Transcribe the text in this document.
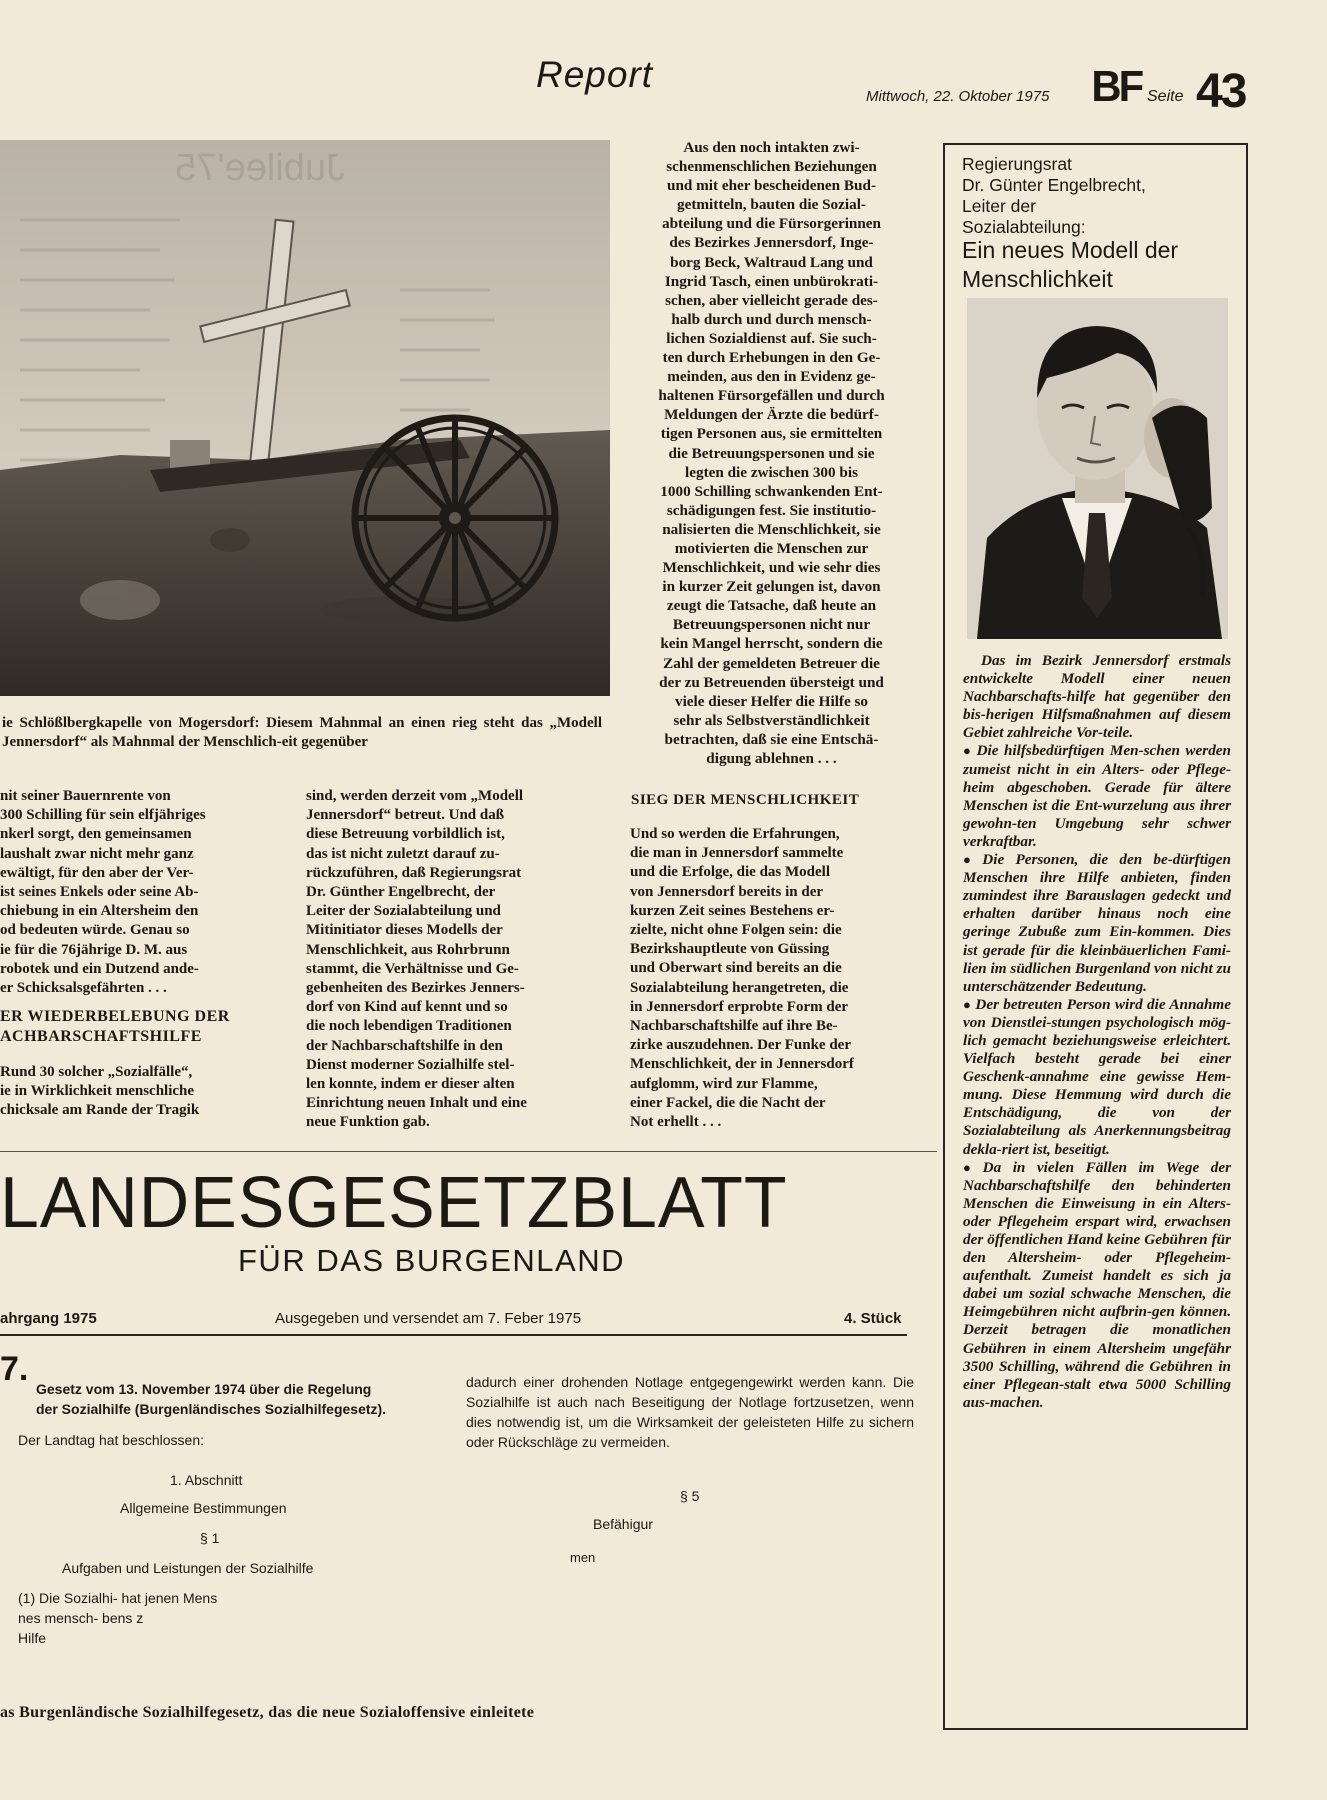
Report
Mittwoch, 22. Oktober 1975 BF Seite 43
Jubilee'75
ie Schlößlbergkapelle von Mogersdorf: Diesem Mahnmal an einen rieg steht das „Modell Jennersdorf“ als Mahnmal der Menschlich-eit gegenüber
Aus den noch intakten zwi-
schenmenschlichen Beziehungen
und mit eher bescheidenen Bud-
getmitteln, bauten die Sozial-
abteilung und die Fürsorgerinnen
des Bezirkes Jennersdorf, Inge-
borg Beck, Waltraud Lang und
Ingrid Tasch, einen unbürokrati-
schen, aber vielleicht gerade des-
halb durch und durch mensch-
lichen Sozialdienst auf. Sie such-
ten durch Erhebungen in den Ge-
meinden, aus den in Evidenz ge-
haltenen Fürsorgefällen und durch
Meldungen der Ärzte die bedürf-
tigen Personen aus, sie ermittelten
die Betreuungspersonen und sie
legten die zwischen 300 bis
1000 Schilling schwankenden Ent-
schädigungen fest. Sie institutio-
nalisierten die Menschlichkeit, sie
motivierten die Menschen zur
Menschlichkeit, und wie sehr dies
in kurzer Zeit gelungen ist, davon
zeugt die Tatsache, daß heute an
Betreuungspersonen nicht nur
kein Mangel herrscht, sondern die
Zahl der gemeldeten Betreuer die
der zu Betreuenden übersteigt und
viele dieser Helfer die Hilfe so
sehr als Selbstverständlichkeit
betrachten, daß sie eine Entschä-
digung ablehnen . . .
nit seiner Bauernrente von
300 Schilling für sein elfjähriges
nkerl sorgt, den gemeinsamen
laushalt zwar nicht mehr ganz
ewältigt, für den aber der Ver-
ist seines Enkels oder seine Ab-
chiebung in ein Altersheim den
od bedeuten würde. Genau so
ie für die 76jährige D. M. aus
robotek und ein Dutzend ande-
er Schicksalsgefährten . . .
ER WIEDERBELEBUNG DER
ACHBARSCHAFTSHILFE
Rund 30 solcher „Sozialfälle“,
ie in Wirklichkeit menschliche
chicksale am Rande der Tragik
sind, werden derzeit vom „Modell
Jennersdorf“ betreut. Und daß
diese Betreuung vorbildlich ist,
das ist nicht zuletzt darauf zu-
rückzuführen, daß Regierungsrat
Dr. Günther Engelbrecht, der
Leiter der Sozialabteilung und
Mitinitiator dieses Modells der
Menschlichkeit, aus Rohrbrunn
stammt, die Verhältnisse und Ge-
gebenheiten des Bezirkes Jenners-
dorf von Kind auf kennt und so
die noch lebendigen Traditionen
der Nachbarschaftshilfe in den
Dienst moderner Sozialhilfe stel-
len konnte, indem er dieser alten
Einrichtung neuen Inhalt und eine
neue Funktion gab.
SIEG DER MENSCHLICHKEIT
Und so werden die Erfahrungen,
die man in Jennersdorf sammelte
und die Erfolge, die das Modell
von Jennersdorf bereits in der
kurzen Zeit seines Bestehens er-
zielte, nicht ohne Folgen sein: die
Bezirkshauptleute von Güssing
und Oberwart sind bereits an die
Sozialabteilung herangetreten, die
in Jennersdorf erprobte Form der
Nachbarschaftshilfe auf ihre Be-
zirke auszudehnen. Der Funke der
Menschlichkeit, der in Jennersdorf
aufglomm, wird zur Flamme,
einer Fackel, die die Nacht der
Not erhellt . . .
Regierungsrat
Dr. Günter Engelbrecht,
Leiter der
Sozialabteilung:
Ein neues Modell der
Menschlichkeit

Das im Bezirk Jennersdorf erstmals entwickelte Modell einer neuen Nachbarschafts-hilfe hat gegenüber den bis-herigen Hilfsmaßnahmen auf diesem Gebiet zahlreiche Vor-teile.

● Die hilfsbedürftigen Men-schen werden zumeist nicht in ein Alters- oder Pflege-heim abgeschoben. Gerade für ältere Menschen ist die Ent-wurzelung aus ihrer gewohn-ten Umgebung sehr schwer verkraftbar.

● Die Personen, die den be-dürftigen Menschen ihre Hilfe anbieten, finden zumindest ihre Barauslagen gedeckt und erhalten darüber hinaus noch eine geringe Zubuße zum Ein-kommen. Dies ist gerade für die kleinbäuerlichen Fami-lien im südlichen Burgenland von nicht zu unterschätzender Bedeutung.

● Der betreuten Person wird die Annahme von Dienstlei-stungen psychologisch mög-lich gemacht beziehungsweise erleichtert. Vielfach besteht gerade bei einer Geschenk-annahme eine gewisse Hem-mung. Diese Hemmung wird durch die Entschädigung, die von der Sozialabteilung als Anerkennungsbeitrag dekla-riert ist, beseitigt.

● Da in vielen Fällen im Wege der Nachbarschaftshilfe den behinderten Menschen die Einweisung in ein Alters-oder Pflegeheim erspart wird, erwachsen der öffentlichen Hand keine Gebühren für den Altersheim- oder Pflegeheim-aufenthalt. Zumeist handelt es sich ja dabei um sozial schwache Menschen, die Heimgebühren nicht aufbrin-gen können. Derzeit betragen die monatlichen Gebühren in einem Altersheim ungefähr 3500 Schilling, während die Gebühren in einer Pflegean-stalt etwa 5000 Schilling aus-machen.

LANDESGESETZBLATT
FÜR DAS BURGENLAND
ahrgang 1975	Ausgegeben und versendet am 7. Feber 1975	4. Stück
7.
Gesetz vom 13. November 1974 über die Regelung
der Sozialhilfe (Burgenländisches Sozialhilfegesetz).
Der Landtag hat beschlossen:
1. Abschnitt
Allgemeine Bestimmungen
§ 1
Aufgaben und Leistungen der Sozialhilfe
(1) Die Sozialhi- hat jenen Mens
nes mensch- bens z
Hilfe
dadurch einer drohenden Notlage entgegengewirkt werden kann. Die Sozialhilfe ist auch nach Beseitigung der Notlage fortzusetzen, wenn dies notwendig ist, um die Wirksamkeit der geleisteten Hilfe zu sichern oder Rückschläge zu vermeiden.
§ 5
Befähigur
men
as Burgenländische Sozialhilfegesetz, das die neue Sozialoffensive einleitete
